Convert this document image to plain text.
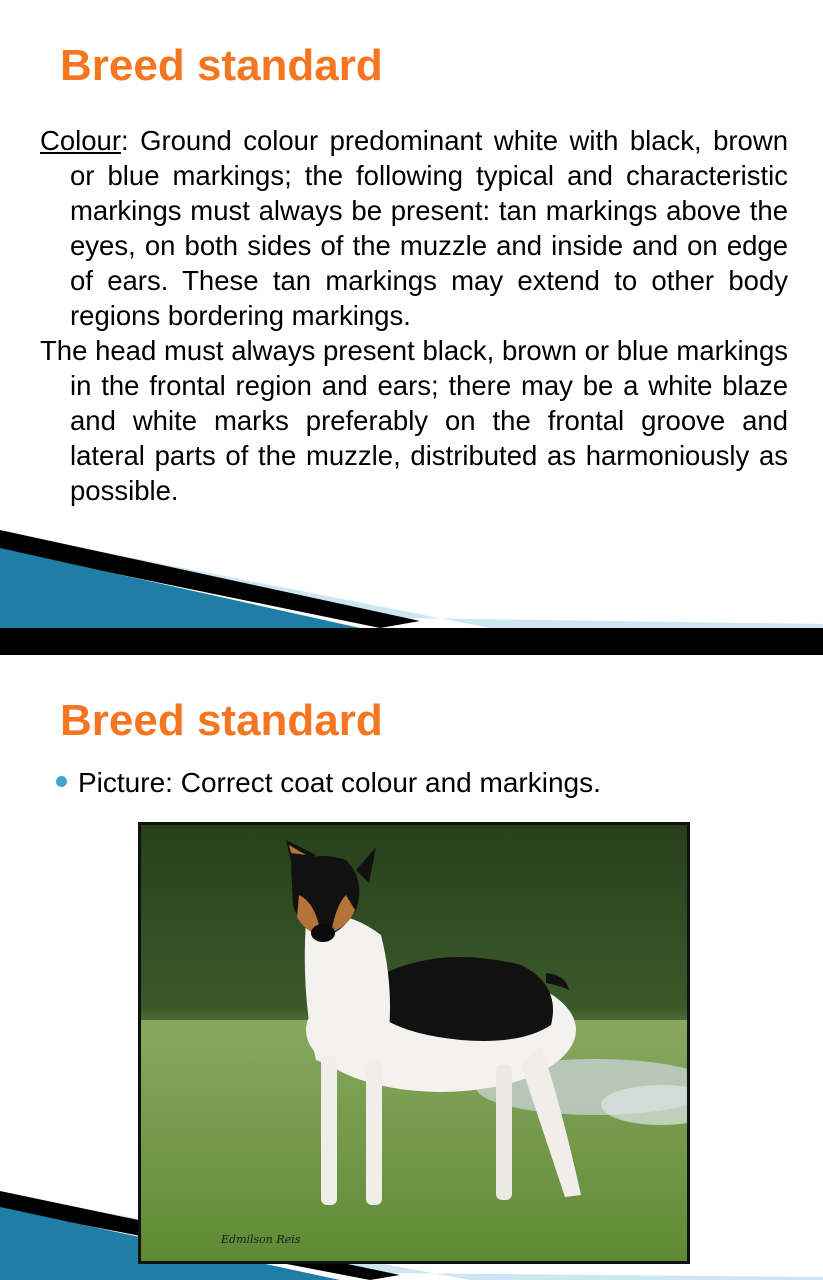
Breed standard

Colour: Ground colour predominant white with black, brown or blue markings; the following typical and characteristic markings must always be present: tan markings above the eyes, on both sides of the muzzle and inside and on edge of ears. These tan markings may extend to other body regions bordering markings.

The head must always present black, brown or blue markings in the frontal region and ears; there may be a white blaze and white marks preferably on the frontal groove and lateral parts of the muzzle, distributed as harmoniously as possible.

Breed standard
Picture: Correct coat colour and markings.
Edmilson Reis
